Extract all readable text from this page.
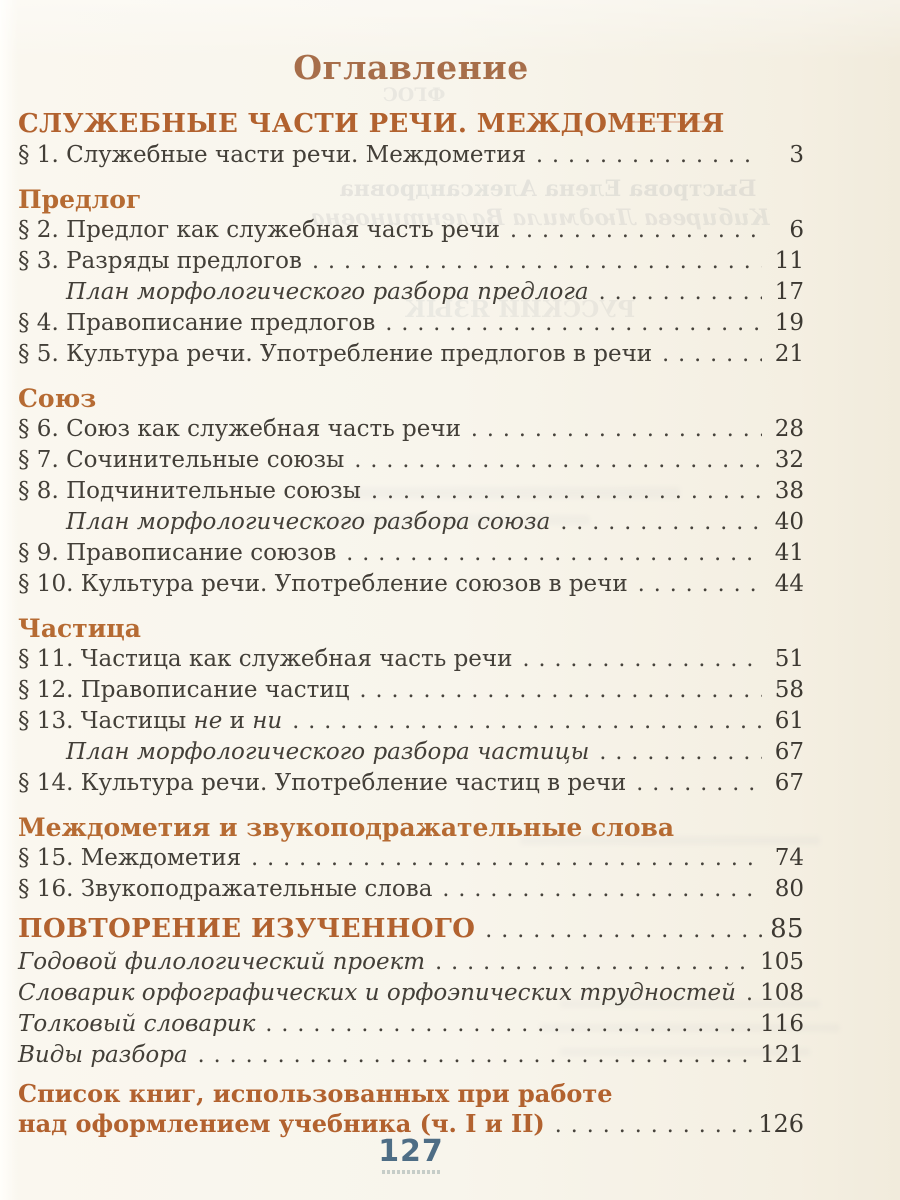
ФГОС
Быстрова Елена Александровна
Кибирева Людмила Валентиновна
РУССКИЙ ЯЗЫК
Оглавление
СЛУЖЕБНЫЕ ЧАСТИ РЕЧИ. МЕЖДОМЕТИЯ
§ 1. Служебные части речи. Междометия .....	3
Предлог
§ 2. Предлог как служебная часть речи .....	6
§ 3. Разряды предлогов .....	11
План морфологического разбора предлога .....	17
§ 4. Правописание предлогов .....	19
§ 5. Культура речи. Употребление предлогов в речи .....	21
Союз
§ 6. Союз как служебная часть речи .....	28
§ 7. Сочинительные союзы .....	32
§ 8. Подчинительные союзы .....	38
План морфологического разбора союза .....	40
§ 9. Правописание союзов .....	41
§ 10. Культура речи. Употребление союзов в речи .....	44
Частица
§ 11. Частица как служебная часть речи .....	51
§ 12. Правописание частиц .....	58
§ 13. Частицы не и ни .....	61
План морфологического разбора частицы .....	67
§ 14. Культура речи. Употребление частиц в речи .....	67
Междометия и звукоподражательные слова
§ 15. Междометия .....	74
§ 16. Звукоподражательные слова .....	80
ПОВТОРЕНИЕ ИЗУЧЕННОГО .....	85
Годовой филологический проект .....	105
Словарик орфографических и орфоэпических трудностей ..... 108
Толковый словарик .....	116
Виды разбора .....	121
Список книг, использованных при работе
над оформлением учебника (ч. I и II) .....	126
127
